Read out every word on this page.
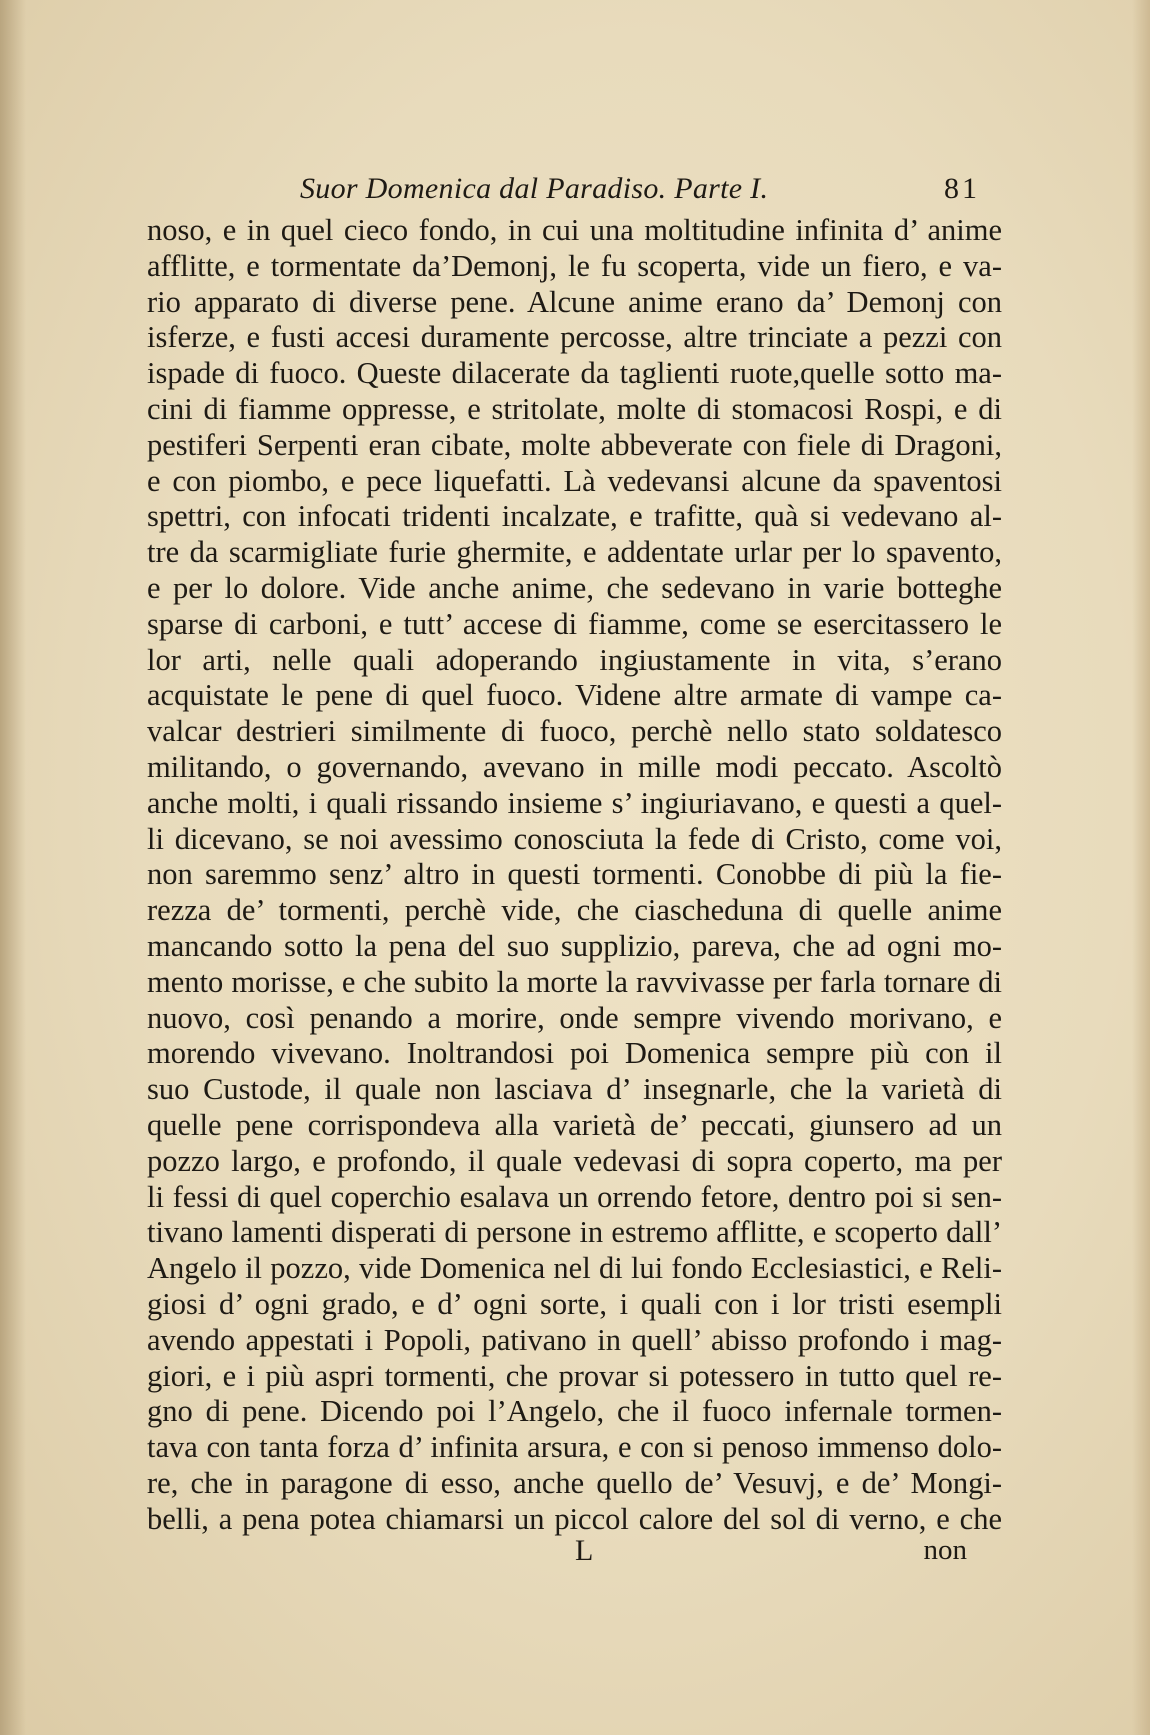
Suor Domenica dal Paradiso. Parte I.	81
noso, e in quel cieco fondo, in cui una moltitudine infinita d’ anime
afflitte, e tormentate da’Demonj, le fu scoperta, vide un fiero, e va-
rio apparato di diverse pene. Alcune anime erano da’ Demonj con
isferze, e fusti accesi duramente percosse, altre trinciate a pezzi con
ispade di fuoco. Queste dilacerate da taglienti ruote,quelle sotto ma-
cini di fiamme oppresse, e stritolate, molte di stomacosi Rospi, e di
pestiferi Serpenti eran cibate, molte abbeverate con fiele di Dragoni,
e con piombo, e pece liquefatti. Là vedevansi alcune da spaventosi
spettri, con infocati tridenti incalzate, e trafitte, quà si vedevano al-
tre da scarmigliate furie ghermite, e addentate urlar per lo spavento,
e per lo dolore. Vide anche anime, che sedevano in varie botteghe
sparse di carboni, e tutt’ accese di fiamme, come se esercitassero le
lor arti, nelle quali adoperando ingiustamente in vita, s’erano
acquistate le pene di quel fuoco. Videne altre armate di vampe ca-
valcar destrieri similmente di fuoco, perchè nello stato soldatesco
militando, o governando, avevano in mille modi peccato. Ascoltò
anche molti, i quali rissando insieme s’ ingiuriavano, e questi a quel-
li dicevano, se noi avessimo conosciuta la fede di Cristo, come voi,
non saremmo senz’ altro in questi tormenti. Conobbe di più la fie-
rezza de’ tormenti, perchè vide, che ciascheduna di quelle anime
mancando sotto la pena del suo supplizio, pareva, che ad ogni mo-
mento morisse, e che subito la morte la ravvivasse per farla tornare di
nuovo, così penando a morire, onde sempre vivendo morivano, e
morendo vivevano. Inoltrandosi poi Domenica sempre più con il
suo Custode, il quale non lasciava d’ insegnarle, che la varietà di
quelle pene corrispondeva alla varietà de’ peccati, giunsero ad un
pozzo largo, e profondo, il quale vedevasi di sopra coperto, ma per
li fessi di quel coperchio esalava un orrendo fetore, dentro poi si sen-
tivano lamenti disperati di persone in estremo afflitte, e scoperto dall’
Angelo il pozzo, vide Domenica nel di lui fondo Ecclesiastici, e Reli-
giosi d’ ogni grado, e d’ ogni sorte, i quali con i lor tristi esempli
avendo appestati i Popoli, pativano in quell’ abisso profondo i mag-
giori, e i più aspri tormenti, che provar si potessero in tutto quel re-
gno di pene. Dicendo poi l’Angelo, che il fuoco infernale tormen-
tava con tanta forza d’ infinita arsura, e con si penoso immenso dolo-
re, che in paragone di esso, anche quello de’ Vesuvj, e de’ Mongi-
belli, a pena potea chiamarsi un piccol calore del sol di verno, e che
L	non
